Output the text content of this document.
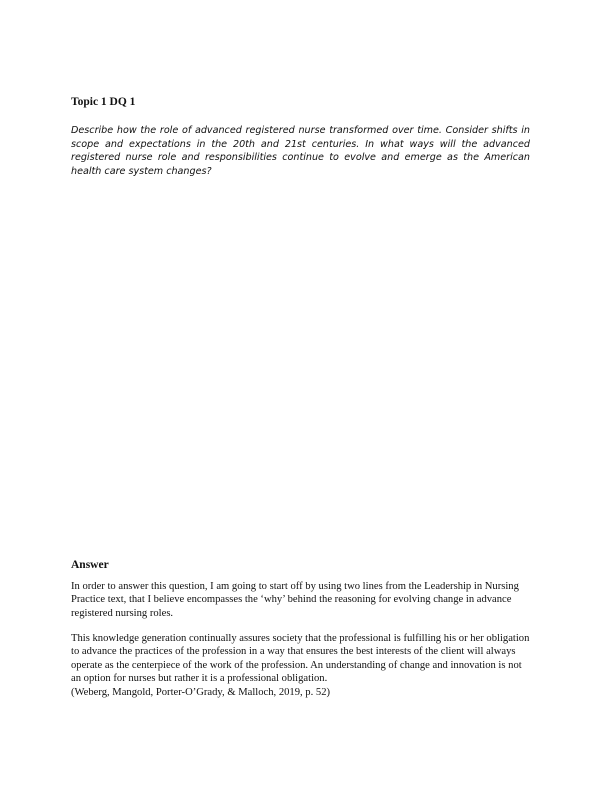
Topic 1 DQ 1
Describe how the role of advanced registered nurse transformed over time. Consider shifts in scope and expectations in the 20th and 21st centuries. In what ways will the advanced registered nurse role and responsibilities continue to evolve and emerge as the American health care system changes?
Answer
In order to answer this question, I am going to start off by using two lines from the Leadership in Nursing Practice text, that I believe encompasses the ‘why’ behind the reasoning for evolving change in advance registered nursing roles.
This knowledge generation continually assures society that the professional is fulfilling his or her obligation to advance the practices of the profession in a way that ensures the best interests of the client will always operate as the centerpiece of the work of the profession. An understanding of change and innovation is not an option for nurses but rather it is a professional obligation.
(Weberg, Mangold, Porter-O’Grady, & Malloch, 2019, p. 52)
